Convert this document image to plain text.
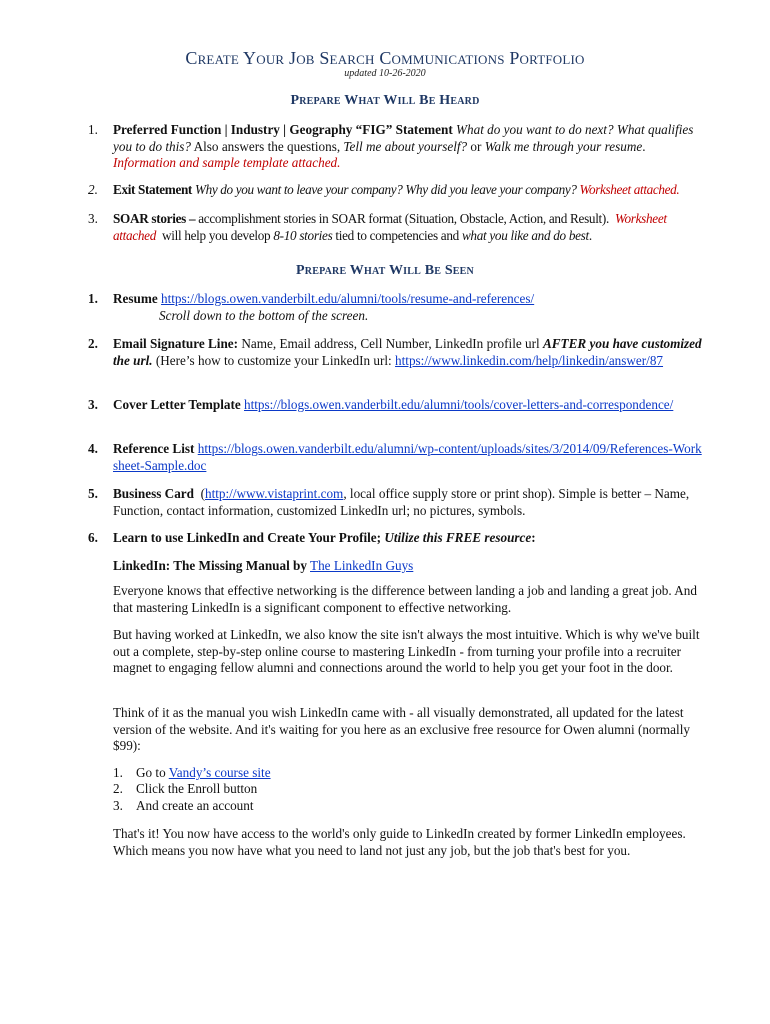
Create Your Job Search Communications Portfolio
updated 10-26-2020
Prepare What Will Be Heard
1. Preferred Function | Industry | Geography “FIG” Statement What do you want to do next? What qualifies you to do this? Also answers the questions, Tell me about yourself? or Walk me through your resume. Information and sample template attached.
2. Exit Statement Why do you want to leave your company? Why did you leave your company? Worksheet attached.
3. SOAR stories – accomplishment stories in SOAR format (Situation, Obstacle, Action, and Result). Worksheet attached will help you develop 8-10 stories tied to competencies and what you like and do best.
Prepare What Will Be Seen
1. Resume https://blogs.owen.vanderbilt.edu/alumni/tools/resume-and-references/
Scroll down to the bottom of the screen.
2. Email Signature Line: Name, Email address, Cell Number, LinkedIn profile url AFTER you have customized the url. (Here’s how to customize your LinkedIn url: https://www.linkedin.com/help/linkedin/answer/87
3. Cover Letter Template https://blogs.owen.vanderbilt.edu/alumni/tools/cover-letters-and-correspondence/
4. Reference List https://blogs.owen.vanderbilt.edu/alumni/wp-content/uploads/sites/3/2014/09/References-Worksheet-Sample.doc
5. Business Card (http://www.vistaprint.com, local office supply store or print shop). Simple is better – Name, Function, contact information, customized LinkedIn url; no pictures, symbols.
6. Learn to use LinkedIn and Create Your Profile; Utilize this FREE resource:
LinkedIn: The Missing Manual by The LinkedIn Guys
Everyone knows that effective networking is the difference between landing a job and landing a great job. And that mastering LinkedIn is a significant component to effective networking.
But having worked at LinkedIn, we also know the site isn't always the most intuitive. Which is why we've built out a complete, step-by-step online course to mastering LinkedIn - from turning your profile into a recruiter magnet to engaging fellow alumni and connections around the world to help you get your foot in the door.
Think of it as the manual you wish LinkedIn came with - all visually demonstrated, all updated for the latest version of the website. And it's waiting for you here as an exclusive free resource for Owen alumni (normally $99):
1. Go to Vandy’s course site
2. Click the Enroll button
3. And create an account
That's it! You now have access to the world's only guide to LinkedIn created by former LinkedIn employees. Which means you now have what you need to land not just any job, but the job that's best for you.
